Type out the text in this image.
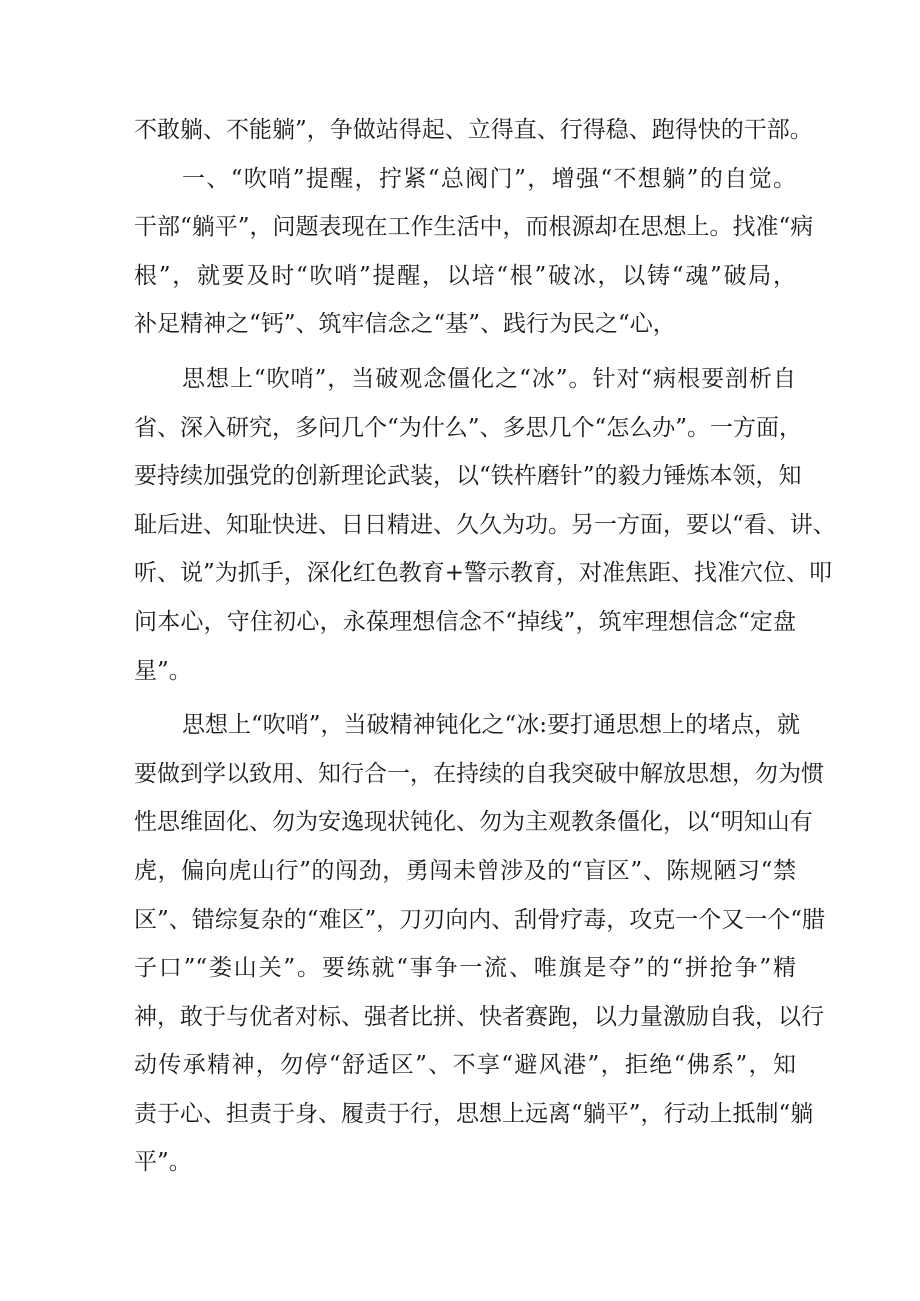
不敢躺、不能躺”，争做站得起、立得直、行得稳、跑得快的干部。
一、“吹哨”提醒，拧紧“总阀门”，增强“不想躺”的自觉。
干部“躺平”，问题表现在工作生活中，而根源却在思想上。找准“病
根”，就要及时“吹哨”提醒，以培“根”破冰，以铸“魂”破局，
补足精神之“钙”、筑牢信念之“基”、践行为民之“心，
思想上“吹哨”，当破观念僵化之“冰”。针对“病根要剖析自
省、深入研究，多问几个“为什么”、多思几个“怎么办”。一方面，
要持续加强党的创新理论武装，以“铁杵磨针”的毅力锤炼本领，知
耻后进、知耻快进、日日精进、久久为功。另一方面，要以“看、讲、
听、说”为抓手，深化红色教育+警示教育，对准焦距、找准穴位、叩
问本心，守住初心，永葆理想信念不“掉线”，筑牢理想信念“定盘
星”。
思想上“吹哨”，当破精神钝化之“冰:要打通思想上的堵点，就
要做到学以致用、知行合一，在持续的自我突破中解放思想，勿为惯
性思维固化、勿为安逸现状钝化、勿为主观教条僵化，以“明知山有
虎，偏向虎山行”的闯劲，勇闯未曾涉及的“盲区”、陈规陋习“禁
区”、错综复杂的“难区”，刀刃向内、刮骨疗毒，攻克一个又一个“腊
子口”“娄山关”。要练就“事争一流、唯旗是夺”的“拼抢争”精
神，敢于与优者对标、强者比拼、快者赛跑，以力量激励自我，以行
动传承精神，勿停“舒适区”、不享“避风港”，拒绝“佛系”，知
责于心、担责于身、履责于行，思想上远离“躺平”，行动上抵制“躺
平”。
